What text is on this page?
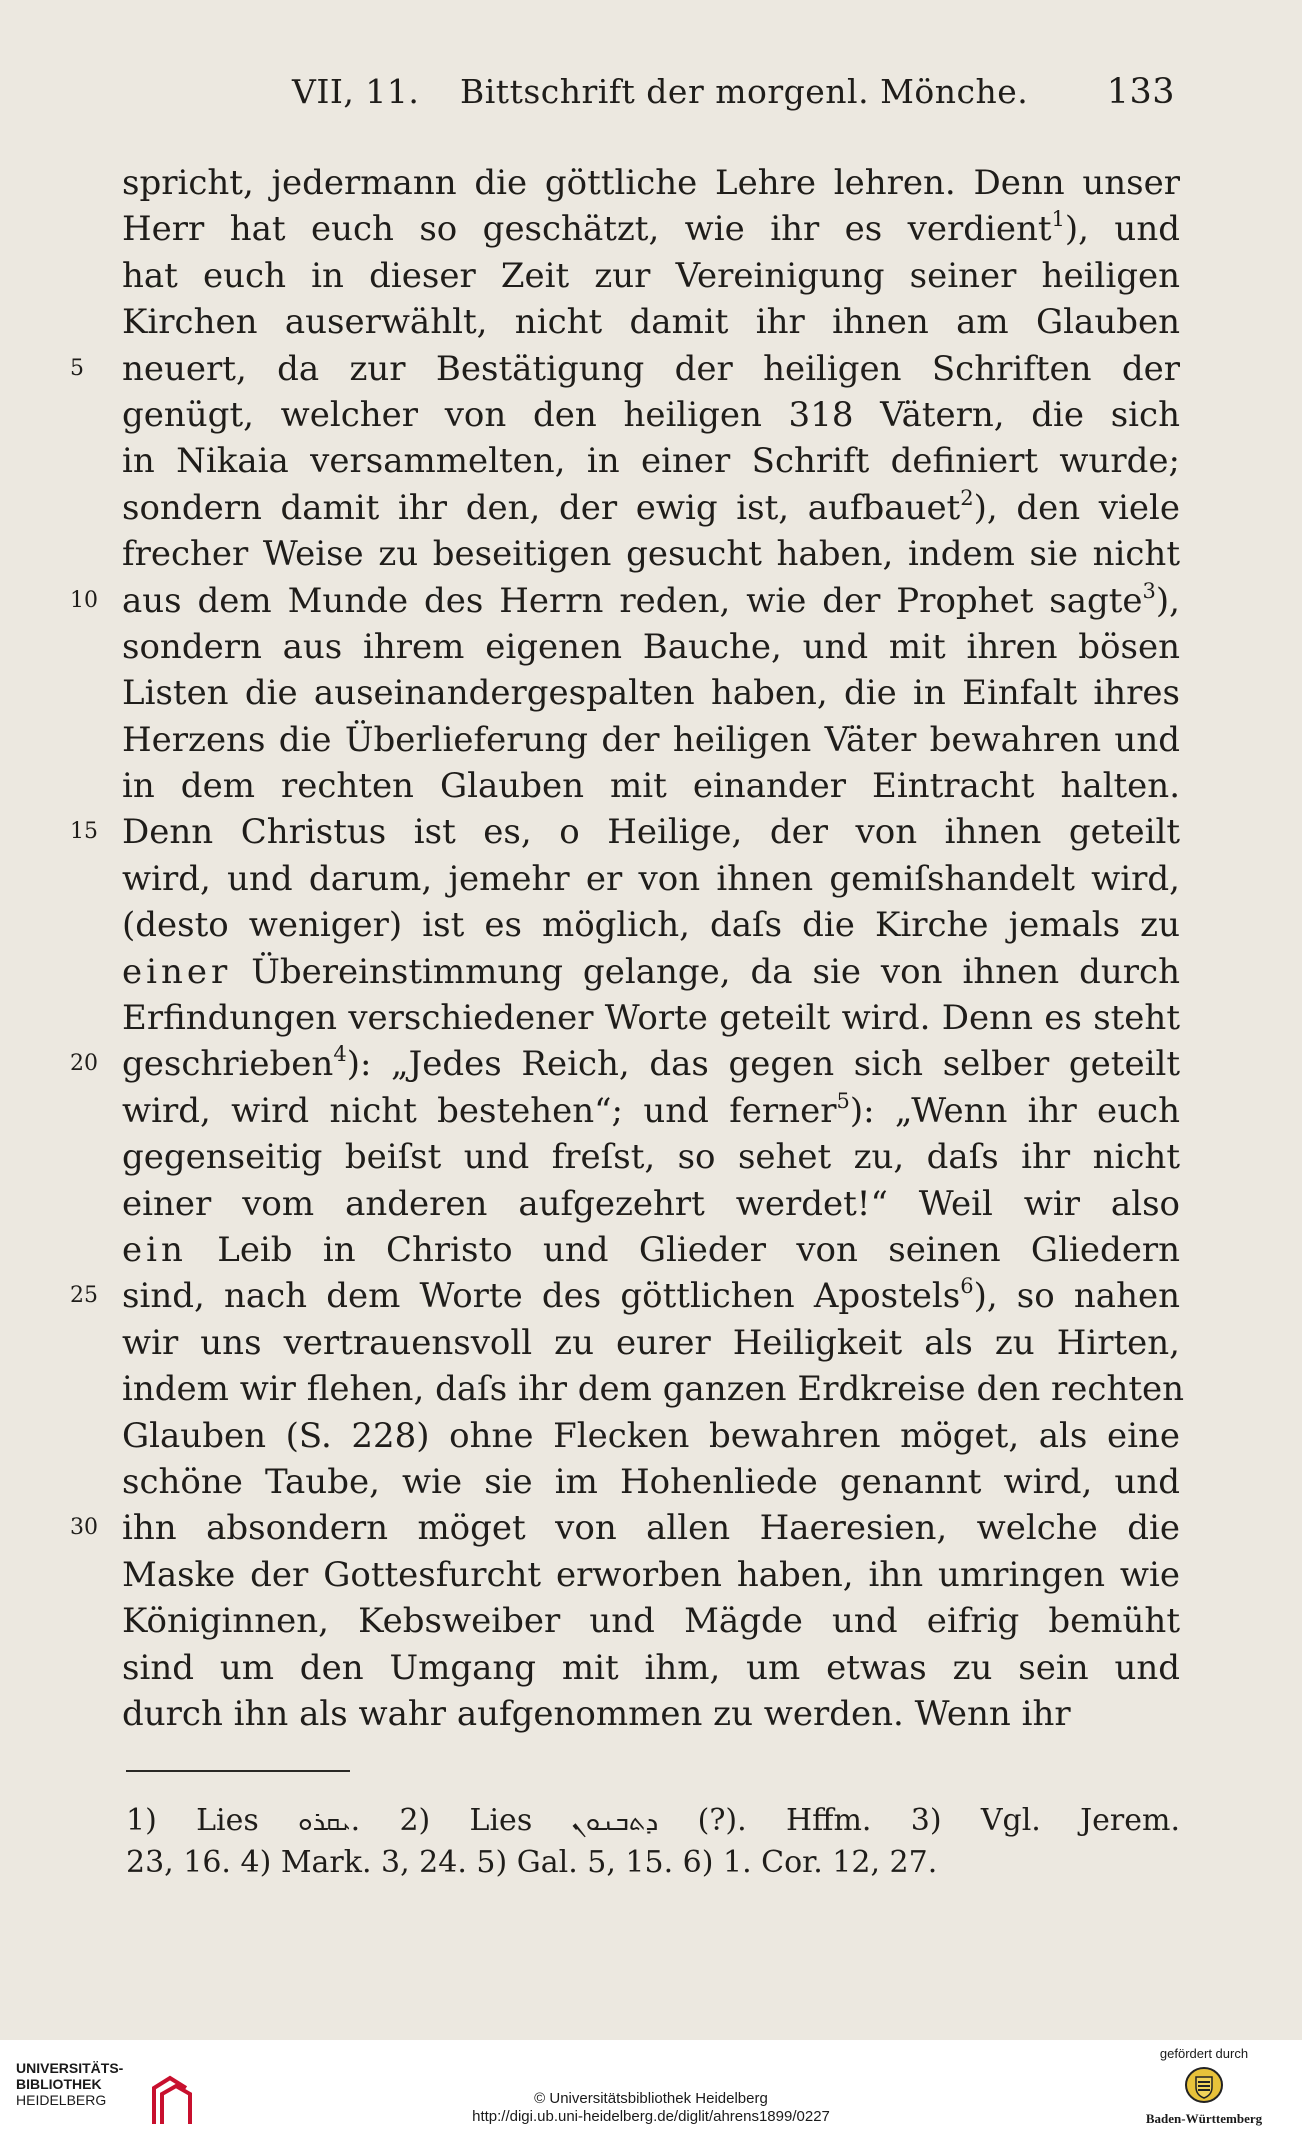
VII, 11. Bittschrift der morgenl. Mönche. 133
spricht, jedermann die göttliche Lehre lehren. Denn unser
Herr hat euch so geschätzt, wie ihr es verdient$^1$), und
hat euch in dieser Zeit zur Vereinigung seiner heiligen
Kirchen auserwählt, nicht damit ihr ihnen am Glauben
5	neuert, da zur Bestätigung der heiligen Schriften der
genügt, welcher von den heiligen 318 Vätern, die sich
in Nikaia versammelten, in einer Schrift definiert wurde;
sondern damit ihr den, der ewig ist, aufbauet$^2$), den viele
frecher Weise zu beseitigen gesucht haben, indem sie nicht
10 aus dem Munde des Herrn reden, wie der Prophet sagte$^3$),
sondern aus ihrem eigenen Bauche, und mit ihren bösen
Listen die auseinandergespalten haben, die in Einfalt ihres
Herzens die Überlieferung der heiligen Väter bewahren und
in dem rechten Glauben mit einander Eintracht halten.
15 Denn Christus ist es, o Heilige, der von ihnen geteilt
wird, und darum, jemehr er von ihnen gemiſshandelt wird,
(desto weniger) ist es möglich, daſs die Kirche jemals zu
einer Übereinstimmung gelange, da sie von ihnen durch
Erfindungen verschiedener Worte geteilt wird. Denn es steht
20 geschrieben$^4$): „Jedes Reich, das gegen sich selber geteilt
wird, wird nicht bestehen“; und ferner$^5$): „Wenn ihr euch
gegenseitig beiſst und freſst, so sehet zu, daſs ihr nicht
einer vom anderen aufgezehrt werdet!“ Weil wir also
ein Leib in Christo und Glieder von seinen Gliedern
25 sind, nach dem Worte des göttlichen Apostels$^6$), so nahen
wir uns vertrauensvoll zu eurer Heiligkeit als zu Hirten,
indem wir flehen, daſs ihr dem ganzen Erdkreise den rechten
Glauben (S. 228) ohne Flecken bewahren möget, als eine
schöne Taube, wie sie im Hohenliede genannt wird, und
30 ihn absondern möget von allen Haeresien, welche die
Maske der Gottesfurcht erworben haben, ihn umringen wie
Königinnen, Kebsweiber und Mägde und eifrig bemüht
sind um den Umgang mit ihm, um etwas zu sein und
durch ihn als wahr aufgenommen zu werden. Wenn ihr
1) Lies ܝܩܪܘ. 2) Lies ܕܬܒܢܘܢ (?). Hffm. 3) Vgl. Jerem.
23, 16. 4) Mark. 3, 24. 5) Gal. 5, 15. 6) 1. Cor. 12, 27.
UNIVERSITÄTS-
BIBLIOTHEK
HEIDELBERG	© Universitätsbibliothek Heidelberg
http://digi.ub.uni-heidelberg.de/diglit/ahrens1899/0227
gefördert durch
Baden-Württemberg
